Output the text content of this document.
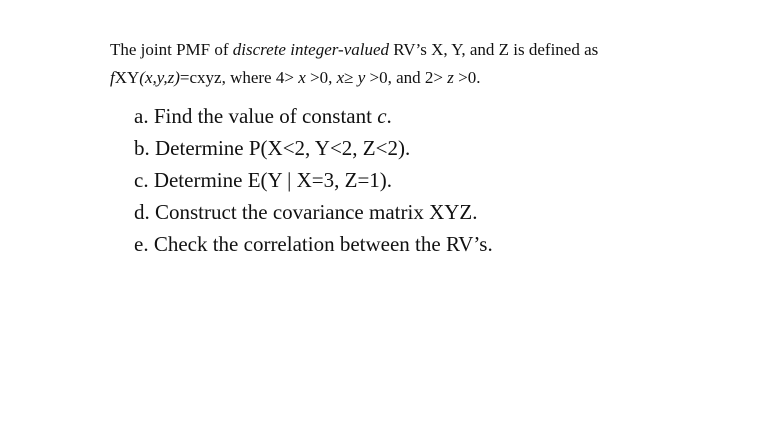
The joint PMF of discrete integer-valued RV’s X, Y, and Z is defined as
fXY(x,y,z)=cxyz, where 4> x >0, x≥ y >0, and 2> z >0.
a. Find the value of constant c.
b. Determine P(X<2, Y<2, Z<2).
c. Determine E(Y | X=3, Z=1).
d. Construct the covariance matrix XYZ.
e. Check the correlation between the RV’s.
